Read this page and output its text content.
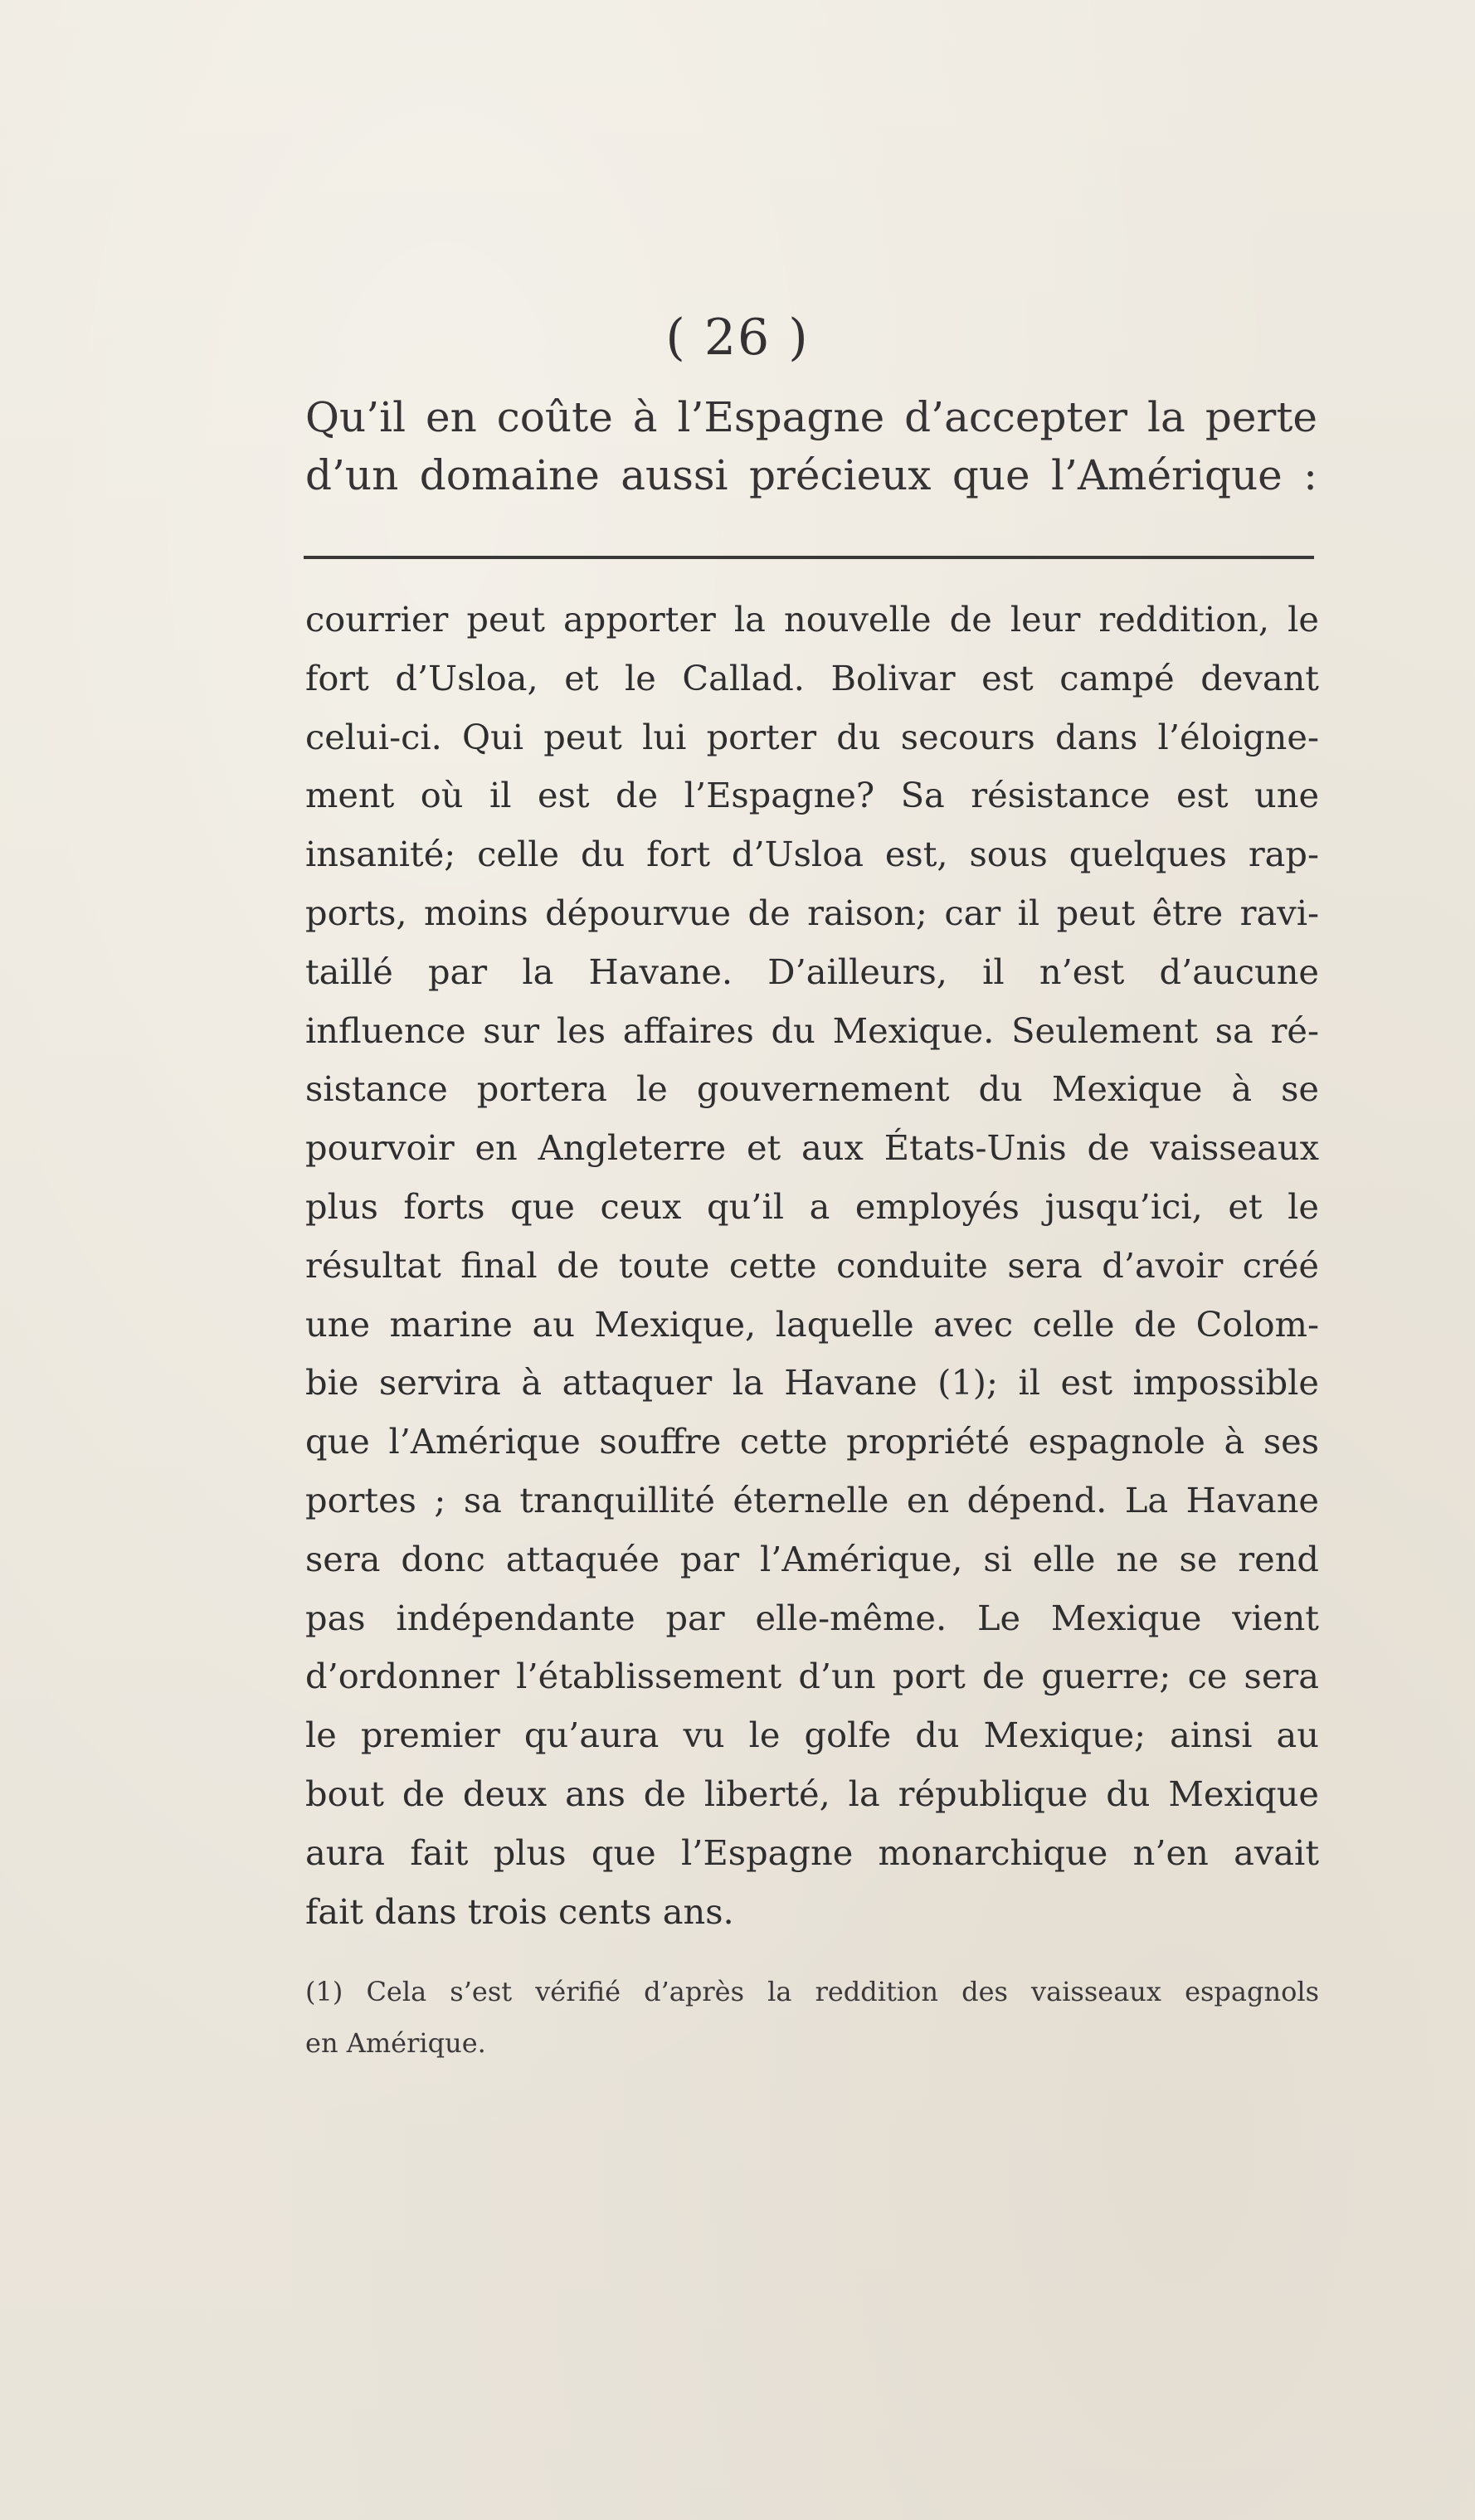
( 26 )
Qu’il en coûte à l’Espagne d’accepter la perte
d’un domaine aussi précieux que l’Amérique :
courrier peut apporter la nouvelle de leur reddition, le
fort d’Usloa, et le Callad. Bolivar est campé devant
celui-ci. Qui peut lui porter du secours dans l’éloigne-
ment où il est de l’Espagne? Sa résistance est une
insanité; celle du fort d’Usloa est, sous quelques rap-
ports, moins dépourvue de raison; car il peut être ravi-
taillé par la Havane. D’ailleurs, il n’est d’aucune
influence sur les affaires du Mexique. Seulement sa ré-
sistance portera le gouvernement du Mexique à se
pourvoir en Angleterre et aux États-Unis de vaisseaux
plus forts que ceux qu’il a employés jusqu’ici, et le
résultat final de toute cette conduite sera d’avoir créé
une marine au Mexique, laquelle avec celle de Colom-
bie servira à attaquer la Havane (1); il est impossible
que l’Amérique souffre cette propriété espagnole à ses
portes ; sa tranquillité éternelle en dépend. La Havane
sera donc attaquée par l’Amérique, si elle ne se rend
pas indépendante par elle-même. Le Mexique vient
d’ordonner l’établissement d’un port de guerre; ce sera
le premier qu’aura vu le golfe du Mexique; ainsi au
bout de deux ans de liberté, la république du Mexique
aura fait plus que l’Espagne monarchique n’en avait
fait dans trois cents ans.
(1) Cela s’est vérifié d’après la reddition des vaisseaux espagnols
en Amérique.
